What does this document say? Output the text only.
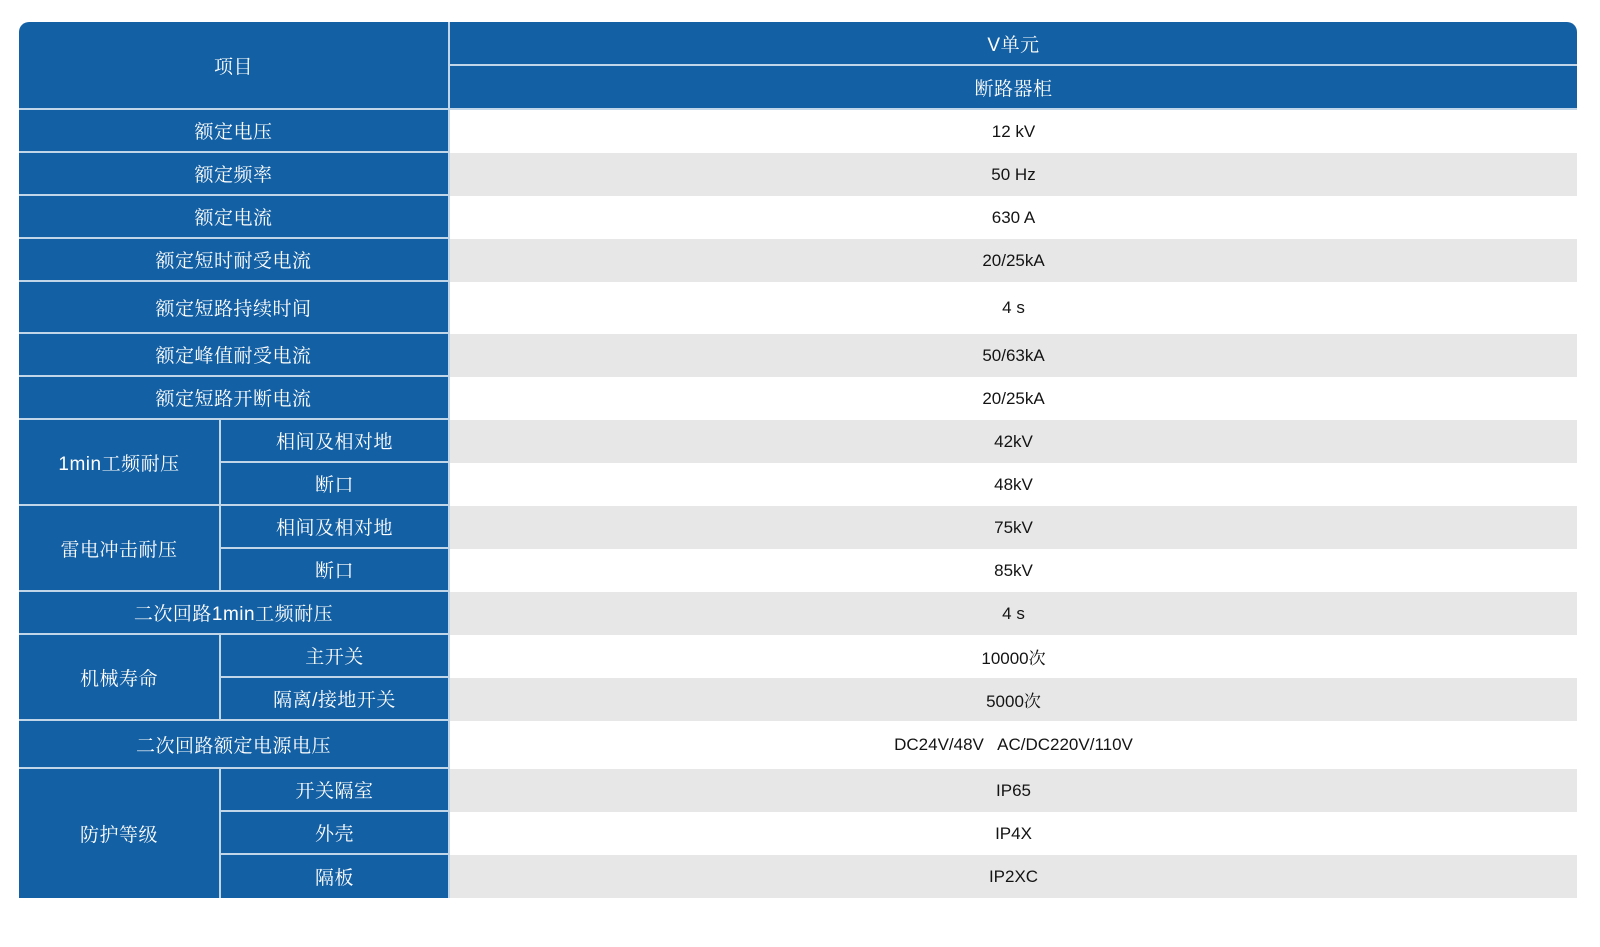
项目		V单元
		断路器柜
额定电压		12 kV
额定频率		50 Hz
额定电流		630 A
额定短时耐受电流		20/25kA
额定短路持续时间		4 s
额定峰值耐受电流		50/63kA
额定短路开断电流		20/25kA
1min工频耐压	相间及相对地	42kV
	断口	48kV
雷电冲击耐压	相间及相对地	75kV
	断口	85kV
二次回路1min工频耐压		4 s
机械寿命	主开关	10000次
	隔离/接地开关	5000次
二次回路额定电源电压		DC24V/48V   AC/DC220V/110V
防护等级	开关隔室	IP65
	外壳	IP4X
	隔板	IP2XC
